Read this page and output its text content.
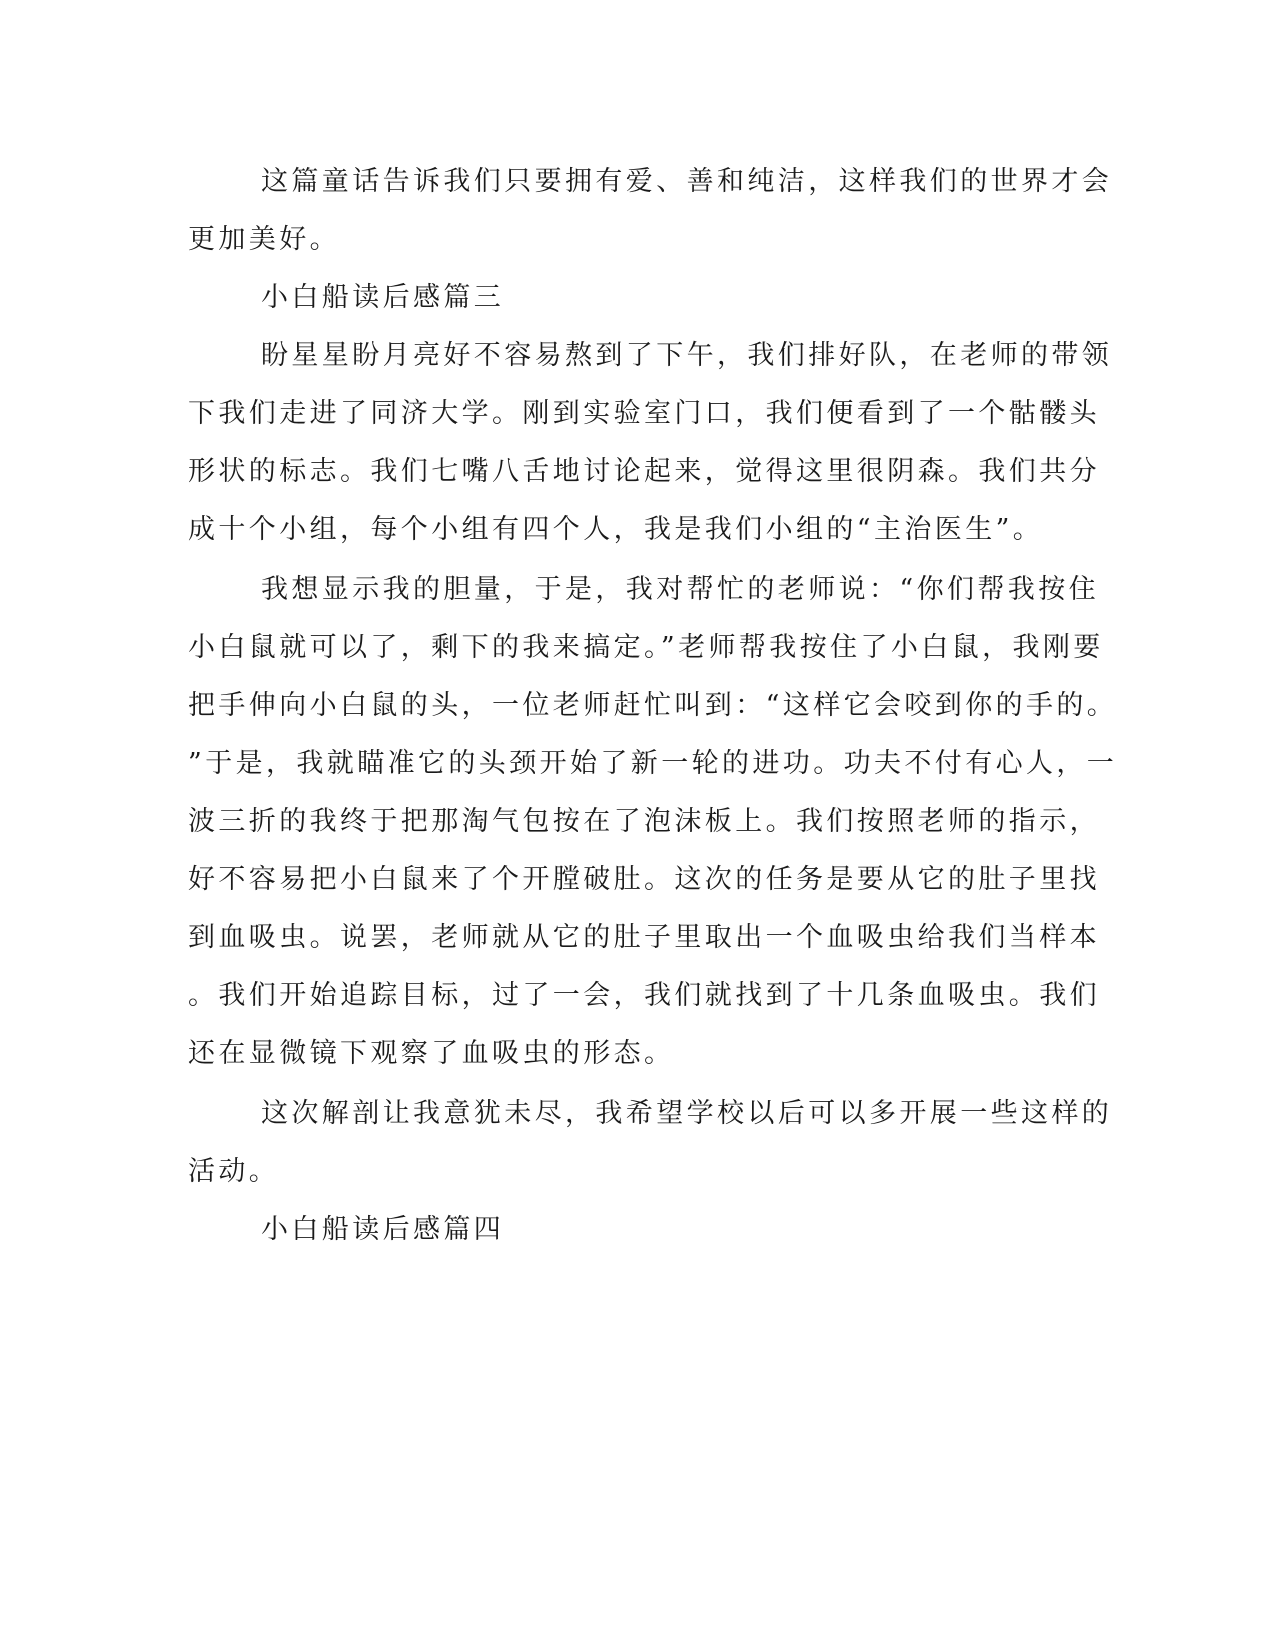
这篇童话告诉我们只要拥有爱、善和纯洁，这样我们的世界才会
更加美好。
小白船读后感篇三
盼星星盼月亮好不容易熬到了下午，我们排好队，在老师的带领
下我们走进了同济大学。刚到实验室门口，我们便看到了一个骷髅头
形状的标志。我们七嘴八舌地讨论起来，觉得这里很阴森。我们共分
成十个小组，每个小组有四个人，我是我们小组的“主治医生”。
我想显示我的胆量，于是，我对帮忙的老师说：“你们帮我按住
小白鼠就可以了，剩下的我来搞定。”老师帮我按住了小白鼠，我刚要
把手伸向小白鼠的头，一位老师赶忙叫到：“这样它会咬到你的手的。
”于是，我就瞄准它的头颈开始了新一轮的进功。功夫不付有心人，一
波三折的我终于把那淘气包按在了泡沫板上。我们按照老师的指示，
好不容易把小白鼠来了个开膛破肚。这次的任务是要从它的肚子里找
到血吸虫。说罢，老师就从它的肚子里取出一个血吸虫给我们当样本
。我们开始追踪目标，过了一会，我们就找到了十几条血吸虫。我们
还在显微镜下观察了血吸虫的形态。
这次解剖让我意犹未尽，我希望学校以后可以多开展一些这样的
活动。
小白船读后感篇四
